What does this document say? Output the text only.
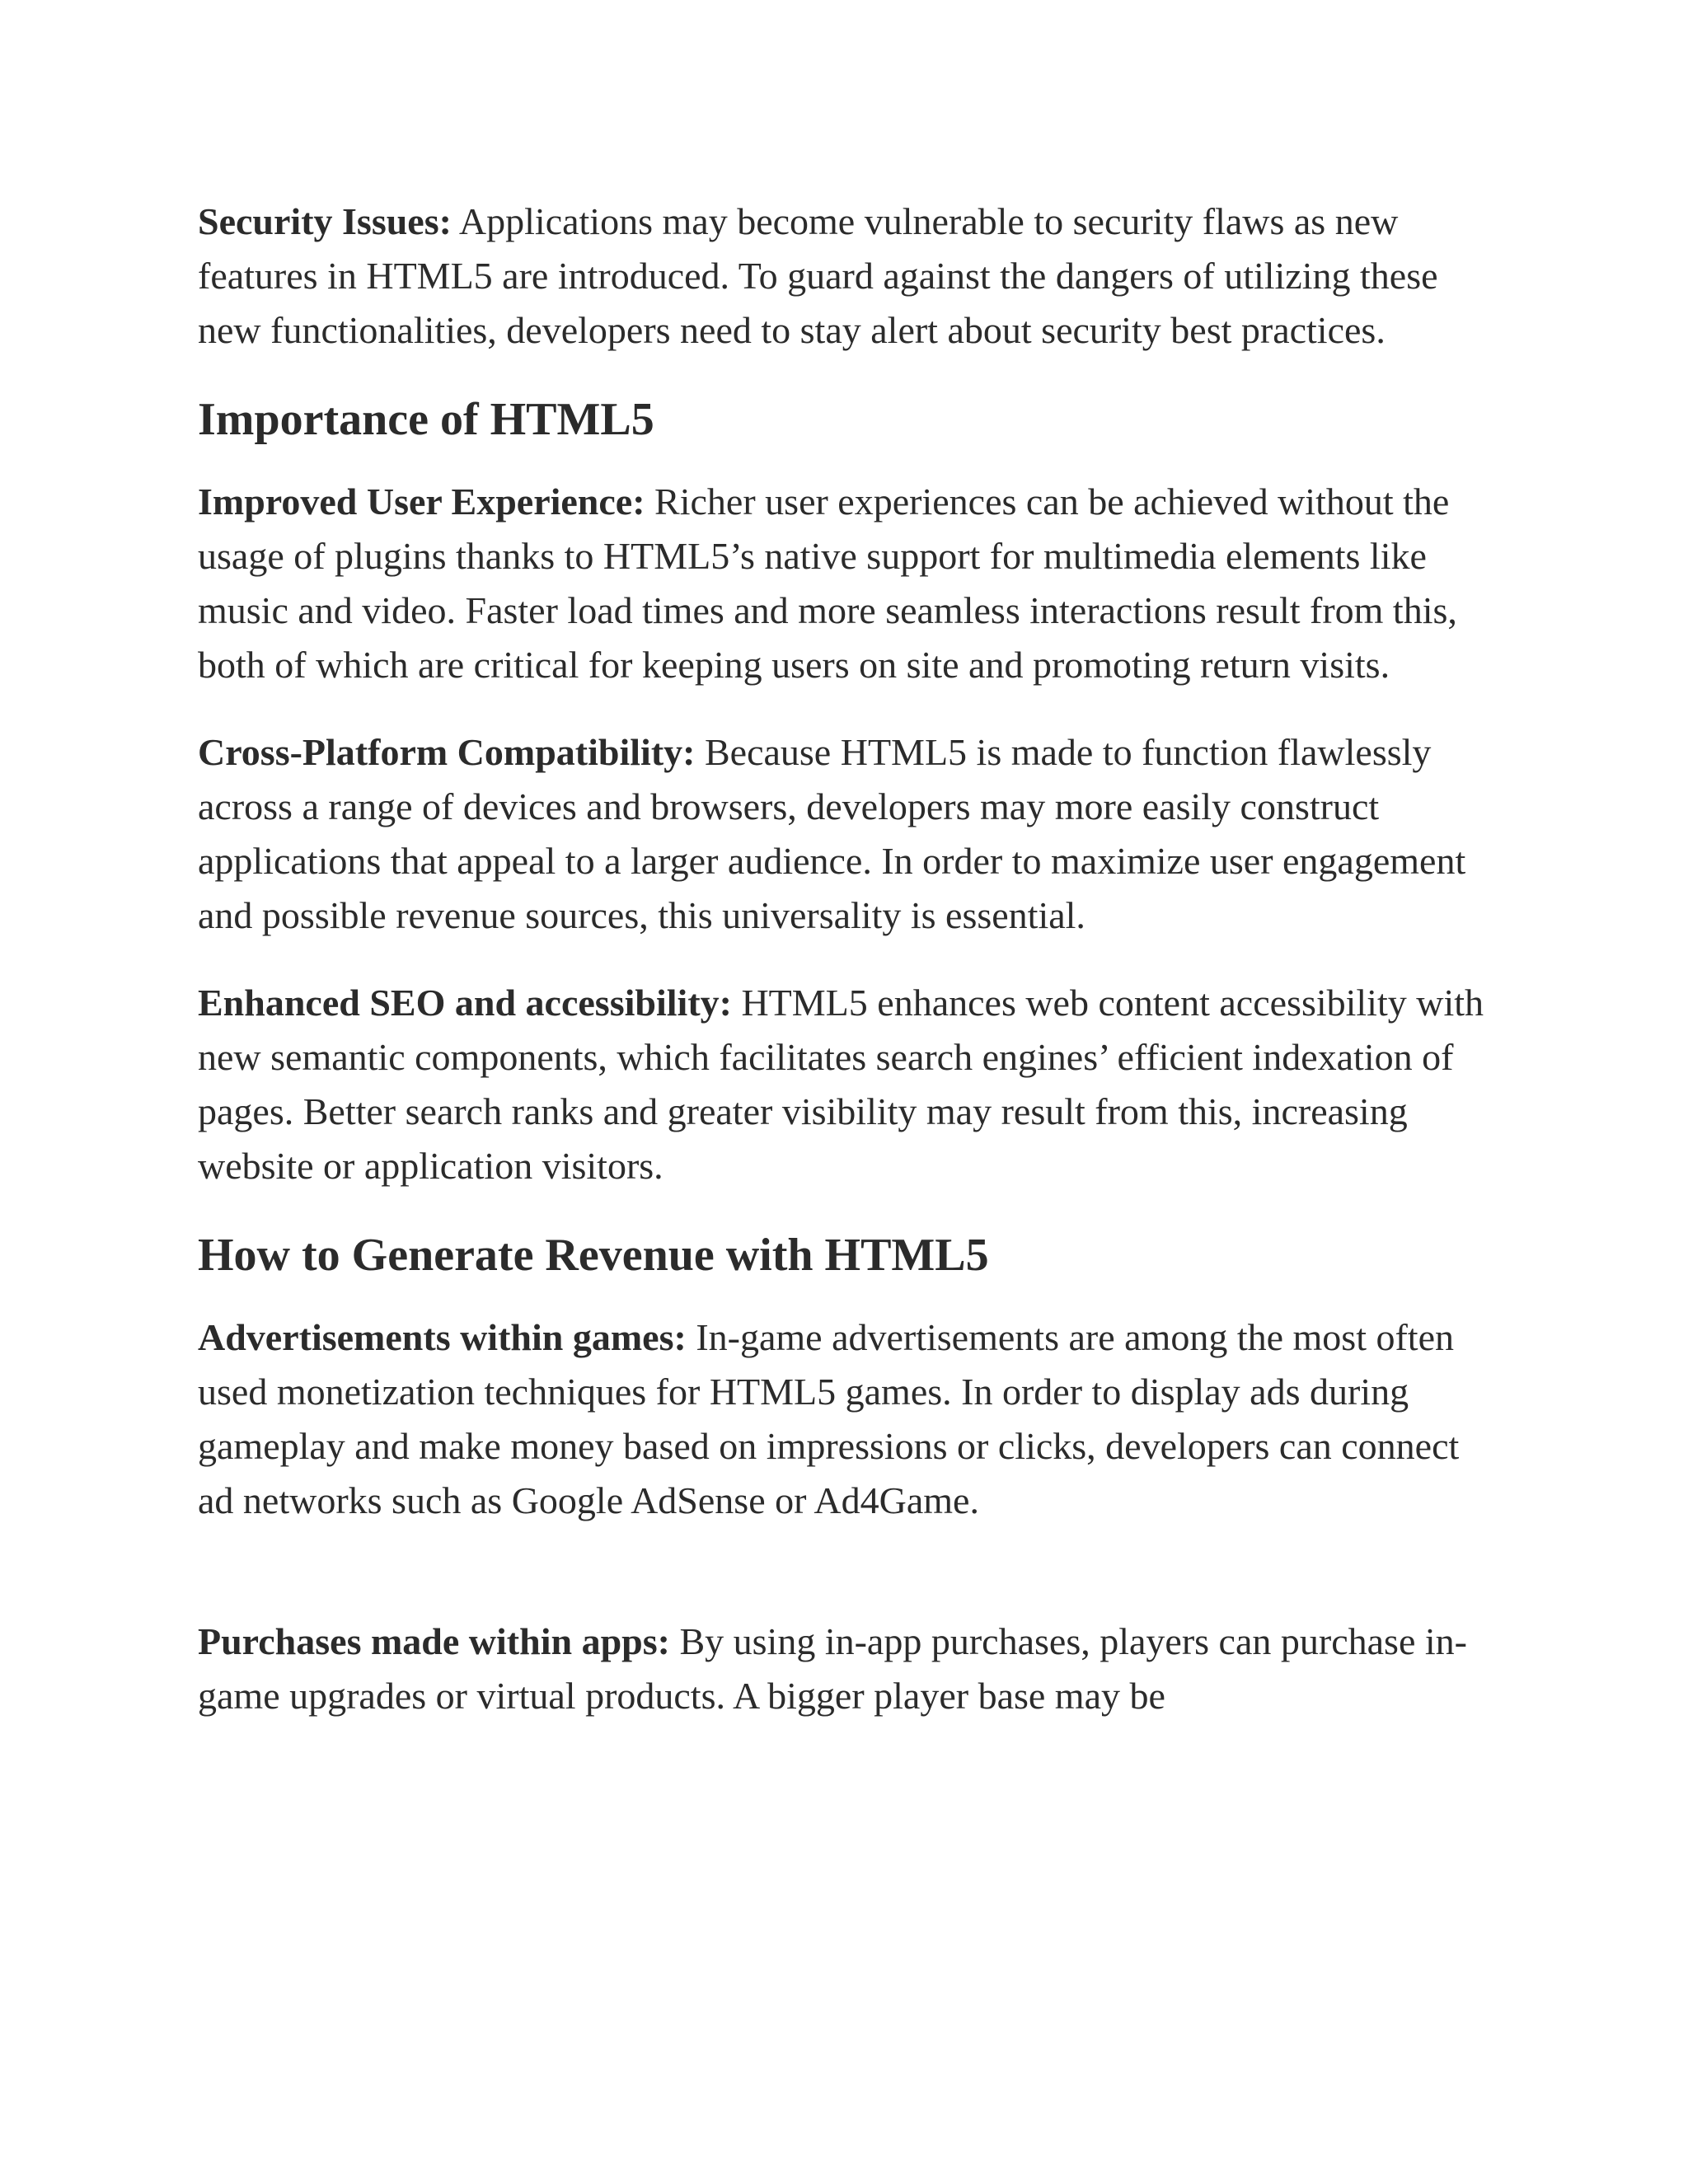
Security Issues: Applications may become vulnerable to security flaws as new features in HTML5 are introduced. To guard against the dangers of utilizing these new functionalities, developers need to stay alert about security best practices.

Importance of HTML5

Improved User Experience: Richer user experiences can be achieved without the usage of plugins thanks to HTML5’s native support for multimedia elements like music and video. Faster load times and more seamless interactions result from this, both of which are critical for keeping users on site and promoting return visits.

Cross-Platform Compatibility: Because HTML5 is made to function flawlessly across a range of devices and browsers, developers may more easily construct applications that appeal to a larger audience. In order to maximize user engagement and possible revenue sources, this universality is essential.

Enhanced SEO and accessibility: HTML5 enhances web content accessibility with new semantic components, which facilitates search engines’ efficient indexation of pages. Better search ranks and greater visibility may result from this, increasing website or application visitors.

How to Generate Revenue with HTML5

Advertisements within games: In-game advertisements are among the most often used monetization techniques for HTML5 games. In order to display ads during gameplay and make money based on impressions or clicks, developers can connect ad networks such as Google AdSense or Ad4Game.

Purchases made within apps: By using in-app purchases, players can purchase in-game upgrades or virtual products. A bigger player base may be
